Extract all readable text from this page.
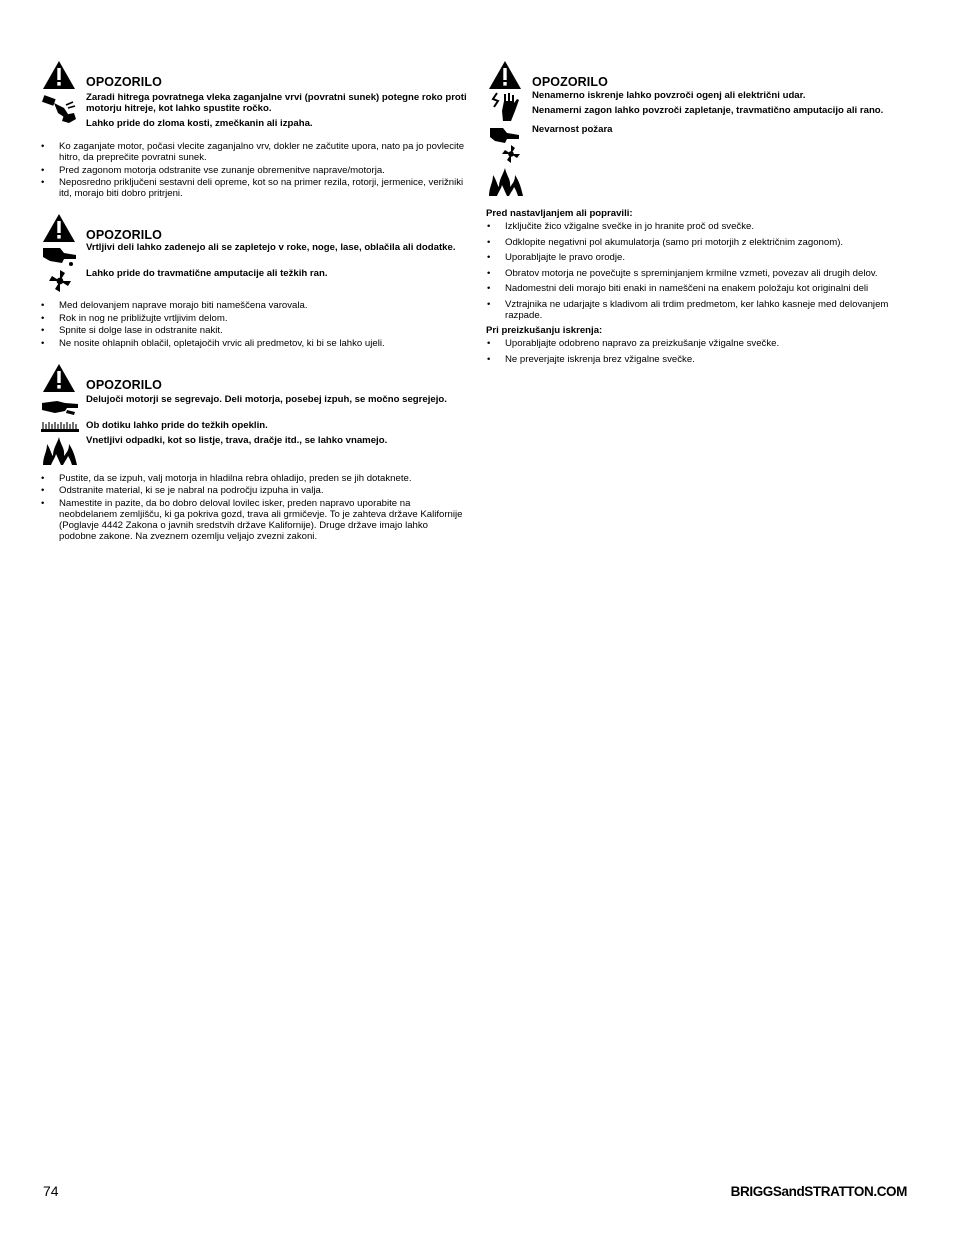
OPOZORILO

Zaradi hitrega povratnega vleka zaganjalne vrvi (povratni sunek) potegne roko proti motorju hitreje, kot lahko spustite ročko.

Lahko pride do zloma kosti, zmečkanin ali izpaha.

• Ko zaganjate motor, počasi vlecite zaganjalno vrv, dokler ne začutite upora, nato pa jo povlecite hitro, da preprečite povratni sunek.
• Pred zagonom motorja odstranite vse zunanje obremenitve naprave/motorja.
• Neposredno priključeni sestavni deli opreme, kot so na primer rezila, rotorji, jermenice, verižniki itd, morajo biti dobro pritrjeni.
OPOZORILO

Vrtljivi deli lahko zadenejo ali se zapletejo v roke, noge, lase, oblačila ali dodatke.

Lahko pride do travmatične amputacije ali težkih ran.

• Med delovanjem naprave morajo biti nameščena varovala.
• Rok in nog ne približujte vrtljivim delom.
• Spnite si dolge lase in odstranite nakit.
• Ne nosite ohlapnih oblačil, opletajočih vrvic ali predmetov, ki bi se lahko ujeli.
OPOZORILO

Delujoči motorji se segrevajo. Deli motorja, posebej izpuh, se močno segrejejo.

Ob dotiku lahko pride do težkih opeklin.

Vnetljivi odpadki, kot so listje, trava, dračje itd., se lahko vnamejo.

• Pustite, da se izpuh, valj motorja in hladilna rebra ohladijo, preden se jih dotaknete.
• Odstranite material, ki se je nabral na področju izpuha in valja.
• Namestite in pazite, da bo dobro deloval lovilec isker, preden napravo uporabite na neobdelanem zemljišču, ki ga pokriva gozd, trava ali grmičevje. To je zahteva države Kalifornije (Poglavje 4442 Zakona o javnih sredstvih države Kalifornije). Druge države imajo lahko podobne zakone. Na zveznem ozemlju veljajo zvezni zakoni.
OPOZORILO

Nenamerno iskrenje lahko povzroči ogenj ali električni udar.

Nenamerni zagon lahko povzroči zapletanje, travmatično amputacijo ali rano.

Nevarnost požara

Pred nastavljanjem ali popravili:
• Izključite žico vžigalne svečke in jo hranite proč od svečke.
• Odklopite negativni pol akumulatorja (samo pri motorjih z električnim zagonom).
• Uporabljajte le pravo orodje.
• Obratov motorja ne povečujte s spreminjanjem krmilne vzmeti, povezav ali drugih delov.
• Nadomestni deli morajo biti enaki in nameščeni na enakem položaju kot originalni deli
• Vztrajnika ne udarjajte s kladivom ali trdim predmetom, ker lahko kasneje med delovanjem razpade.
Pri preizkušanju iskrenja:
• Uporabljajte odobreno napravo za preizkušanje vžigalne svečke.
• Ne preverjajte iskrenja brez vžigalne svečke.
74	BRIGGSandSTRATTON.COM
